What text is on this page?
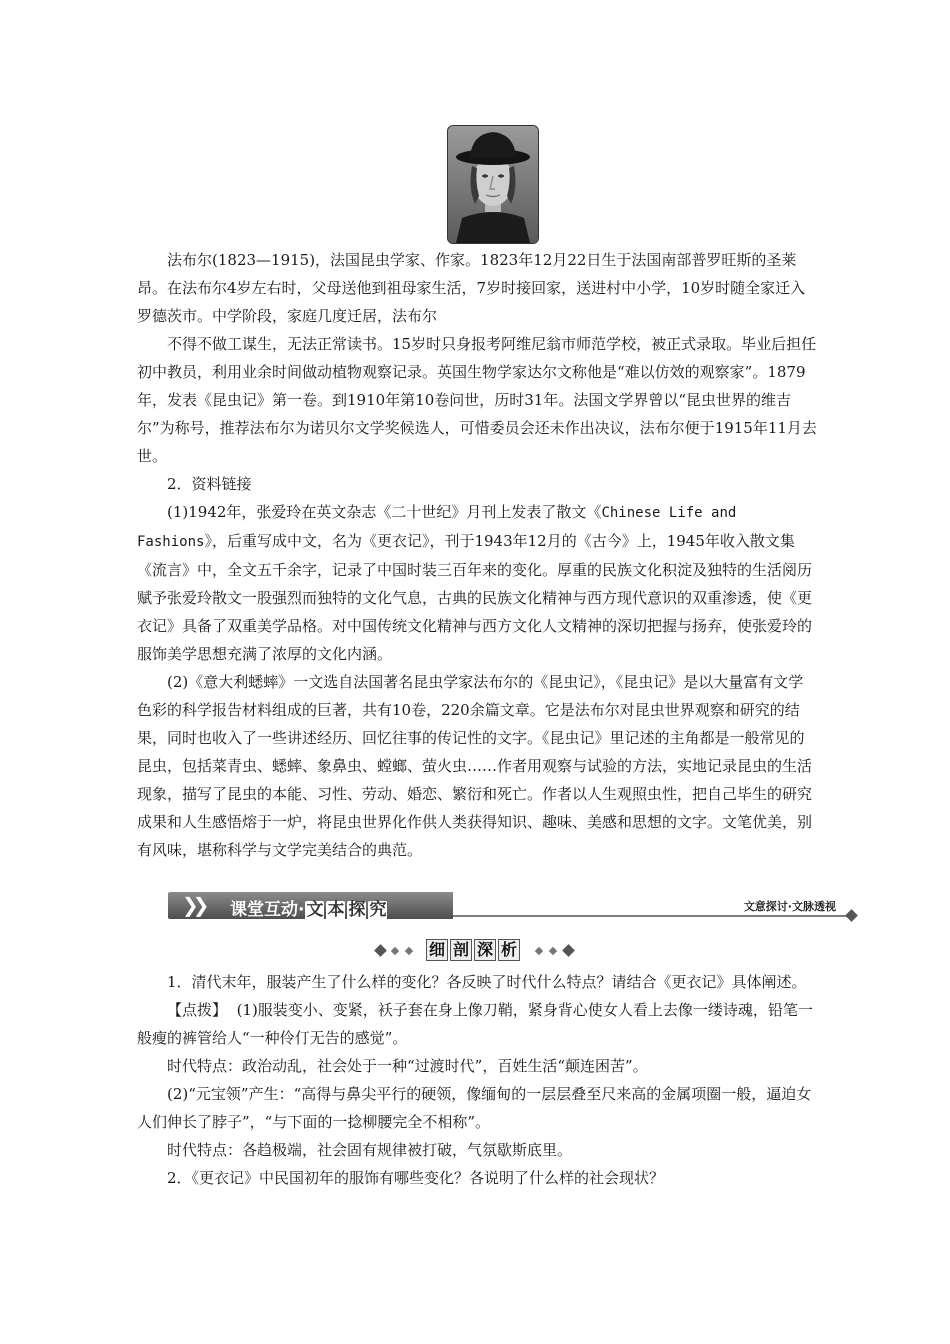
法布尔(1823—1915)，法国昆虫学家、作家。1823年12月22日生于法国南部普罗旺斯的圣莱昂。在法布尔4岁左右时，父母送他到祖母家生活，7岁时接回家，送进村中小学，10岁时随全家迁入罗德茨市。中学阶段，家庭几度迁居，法布尔

不得不做工谋生，无法正常读书。15岁时只身报考阿维尼翁市师范学校，被正式录取。毕业后担任初中教员，利用业余时间做动植物观察记录。英国生物学家达尔文称他是“难以仿效的观察家”。1879年，发表《昆虫记》第一卷。到1910年第10卷问世，历时31年。法国文学界曾以“昆虫世界的维吉尔”为称号，推荐法布尔为诺贝尔文学奖候选人，可惜委员会还未作出决议，法布尔便于1915年11月去世。

2．资料链接

(1)1942年，张爱玲在英文杂志《二十世纪》月刊上发表了散文《Chinese Life and Fashions》，后重写成中文，名为《更衣记》，刊于1943年12月的《古今》上，1945年收入散文集《流言》中，全文五千余字，记录了中国时装三百年来的变化。厚重的民族文化积淀及独特的生活阅历赋予张爱玲散文一股强烈而独特的文化气息，古典的民族文化精神与西方现代意识的双重渗透，使《更衣记》具备了双重美学品格。对中国传统文化精神与西方文化人文精神的深切把握与扬弃，使张爱玲的服饰美学思想充满了浓厚的文化内涵。

(2)《意大利蟋蟀》一文选自法国著名昆虫学家法布尔的《昆虫记》，《昆虫记》是以大量富有文学色彩的科学报告材料组成的巨著，共有10卷，220余篇文章。它是法布尔对昆虫世界观察和研究的结果，同时也收入了一些讲述经历、回忆往事的传记性的文字。《昆虫记》里记述的主角都是一般常见的昆虫，包括菜青虫、蟋蟀、象鼻虫、螳螂、萤火虫……作者用观察与试验的方法，实地记录昆虫的生活现象，描写了昆虫的本能、习性、劳动、婚恋、繁衍和死亡。作者以人生观照虫性，把自己毕生的研究成果和人生感悟熔于一炉，将昆虫世界化作供人类获得知识、趣味、美感和思想的文字。文笔优美，别有风味，堪称科学与文学完美结合的典范。

❯❯ 课堂互动· 文 本 探 究	文意探讨·文脉透视
细 剖 深 析

1．清代末年，服装产生了什么样的变化？各反映了时代什么特点？请结合《更衣记》具体阐述。

【点拨】 (1)服装变小、变紧，袄子套在身上像刀鞘，紧身背心使女人看上去像一缕诗魂，铅笔一般瘦的裤管给人“一种伶仃无告的感觉”。

时代特点：政治动乱，社会处于一种“过渡时代”，百姓生活“颠连困苦”。

(2)“元宝领”产生：“高得与鼻尖平行的硬领，像缅甸的一层层叠至尺来高的金属项圈一般，逼迫女人们伸长了脖子”，“与下面的一捻柳腰完全不相称”。

时代特点：各趋极端，社会固有规律被打破，气氛歇斯底里。

2．《更衣记》中民国初年的服饰有哪些变化？各说明了什么样的社会现状？
